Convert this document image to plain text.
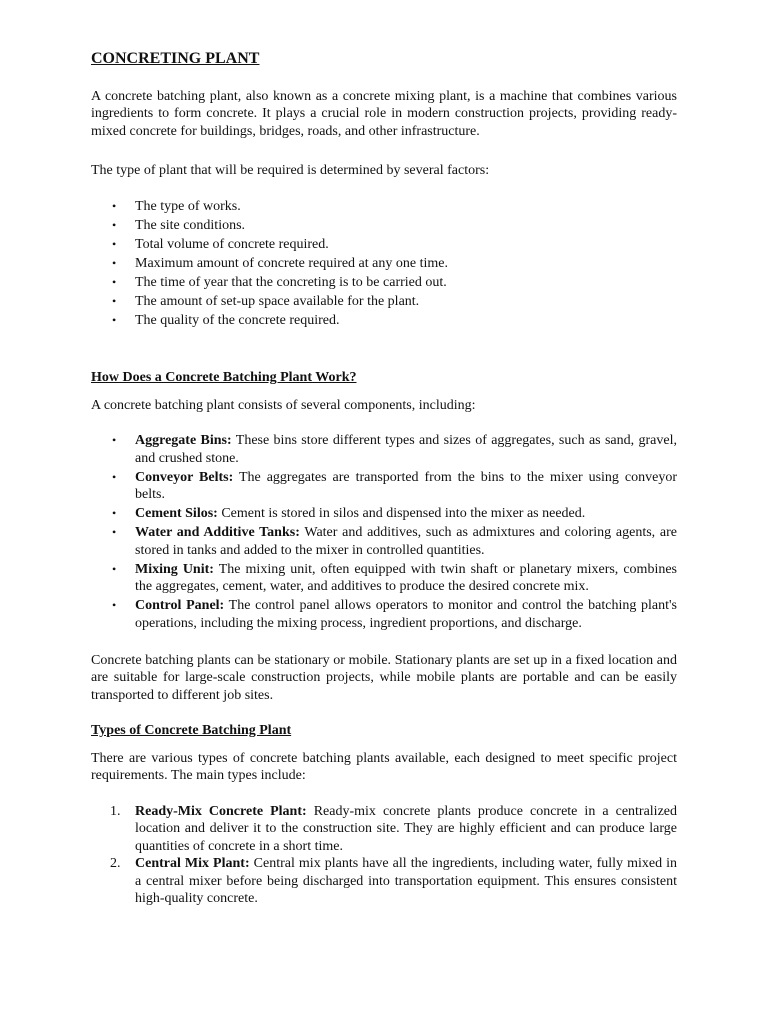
CONCRETING PLANT

A concrete batching plant, also known as a concrete mixing plant, is a machine that combines various ingredients to form concrete. It plays a crucial role in modern construction projects, providing ready-mixed concrete for buildings, bridges, roads, and other infrastructure.

The type of plant that will be required is determined by several factors:

• The type of works.
• The site conditions.
• Total volume of concrete required.
• Maximum amount of concrete required at any one time.
• The time of year that the concreting is to be carried out.
• The amount of set-up space available for the plant.
• The quality of the concrete required.
How Does a Concrete Batching Plant Work?

A concrete batching plant consists of several components, including:

• Aggregate Bins: These bins store different types and sizes of aggregates, such as sand, gravel, and crushed stone.
• Conveyor Belts: The aggregates are transported from the bins to the mixer using conveyor belts.
• Cement Silos: Cement is stored in silos and dispensed into the mixer as needed.
• Water and Additive Tanks: Water and additives, such as admixtures and coloring agents, are stored in tanks and added to the mixer in controlled quantities.
• Mixing Unit: The mixing unit, often equipped with twin shaft or planetary mixers, combines the aggregates, cement, water, and additives to produce the desired concrete mix.
• Control Panel: The control panel allows operators to monitor and control the batching plant's operations, including the mixing process, ingredient proportions, and discharge.

Concrete batching plants can be stationary or mobile. Stationary plants are set up in a fixed location and are suitable for large-scale construction projects, while mobile plants are portable and can be easily transported to different job sites.

Types of Concrete Batching Plant

There are various types of concrete batching plants available, each designed to meet specific project requirements. The main types include:

1. Ready-Mix Concrete Plant: Ready-mix concrete plants produce concrete in a centralized location and deliver it to the construction site. They are highly efficient and can produce large quantities of concrete in a short time.
2. Central Mix Plant: Central mix plants have all the ingredients, including water, fully mixed in a central mixer before being discharged into transportation equipment. This ensures consistent high-quality concrete.
